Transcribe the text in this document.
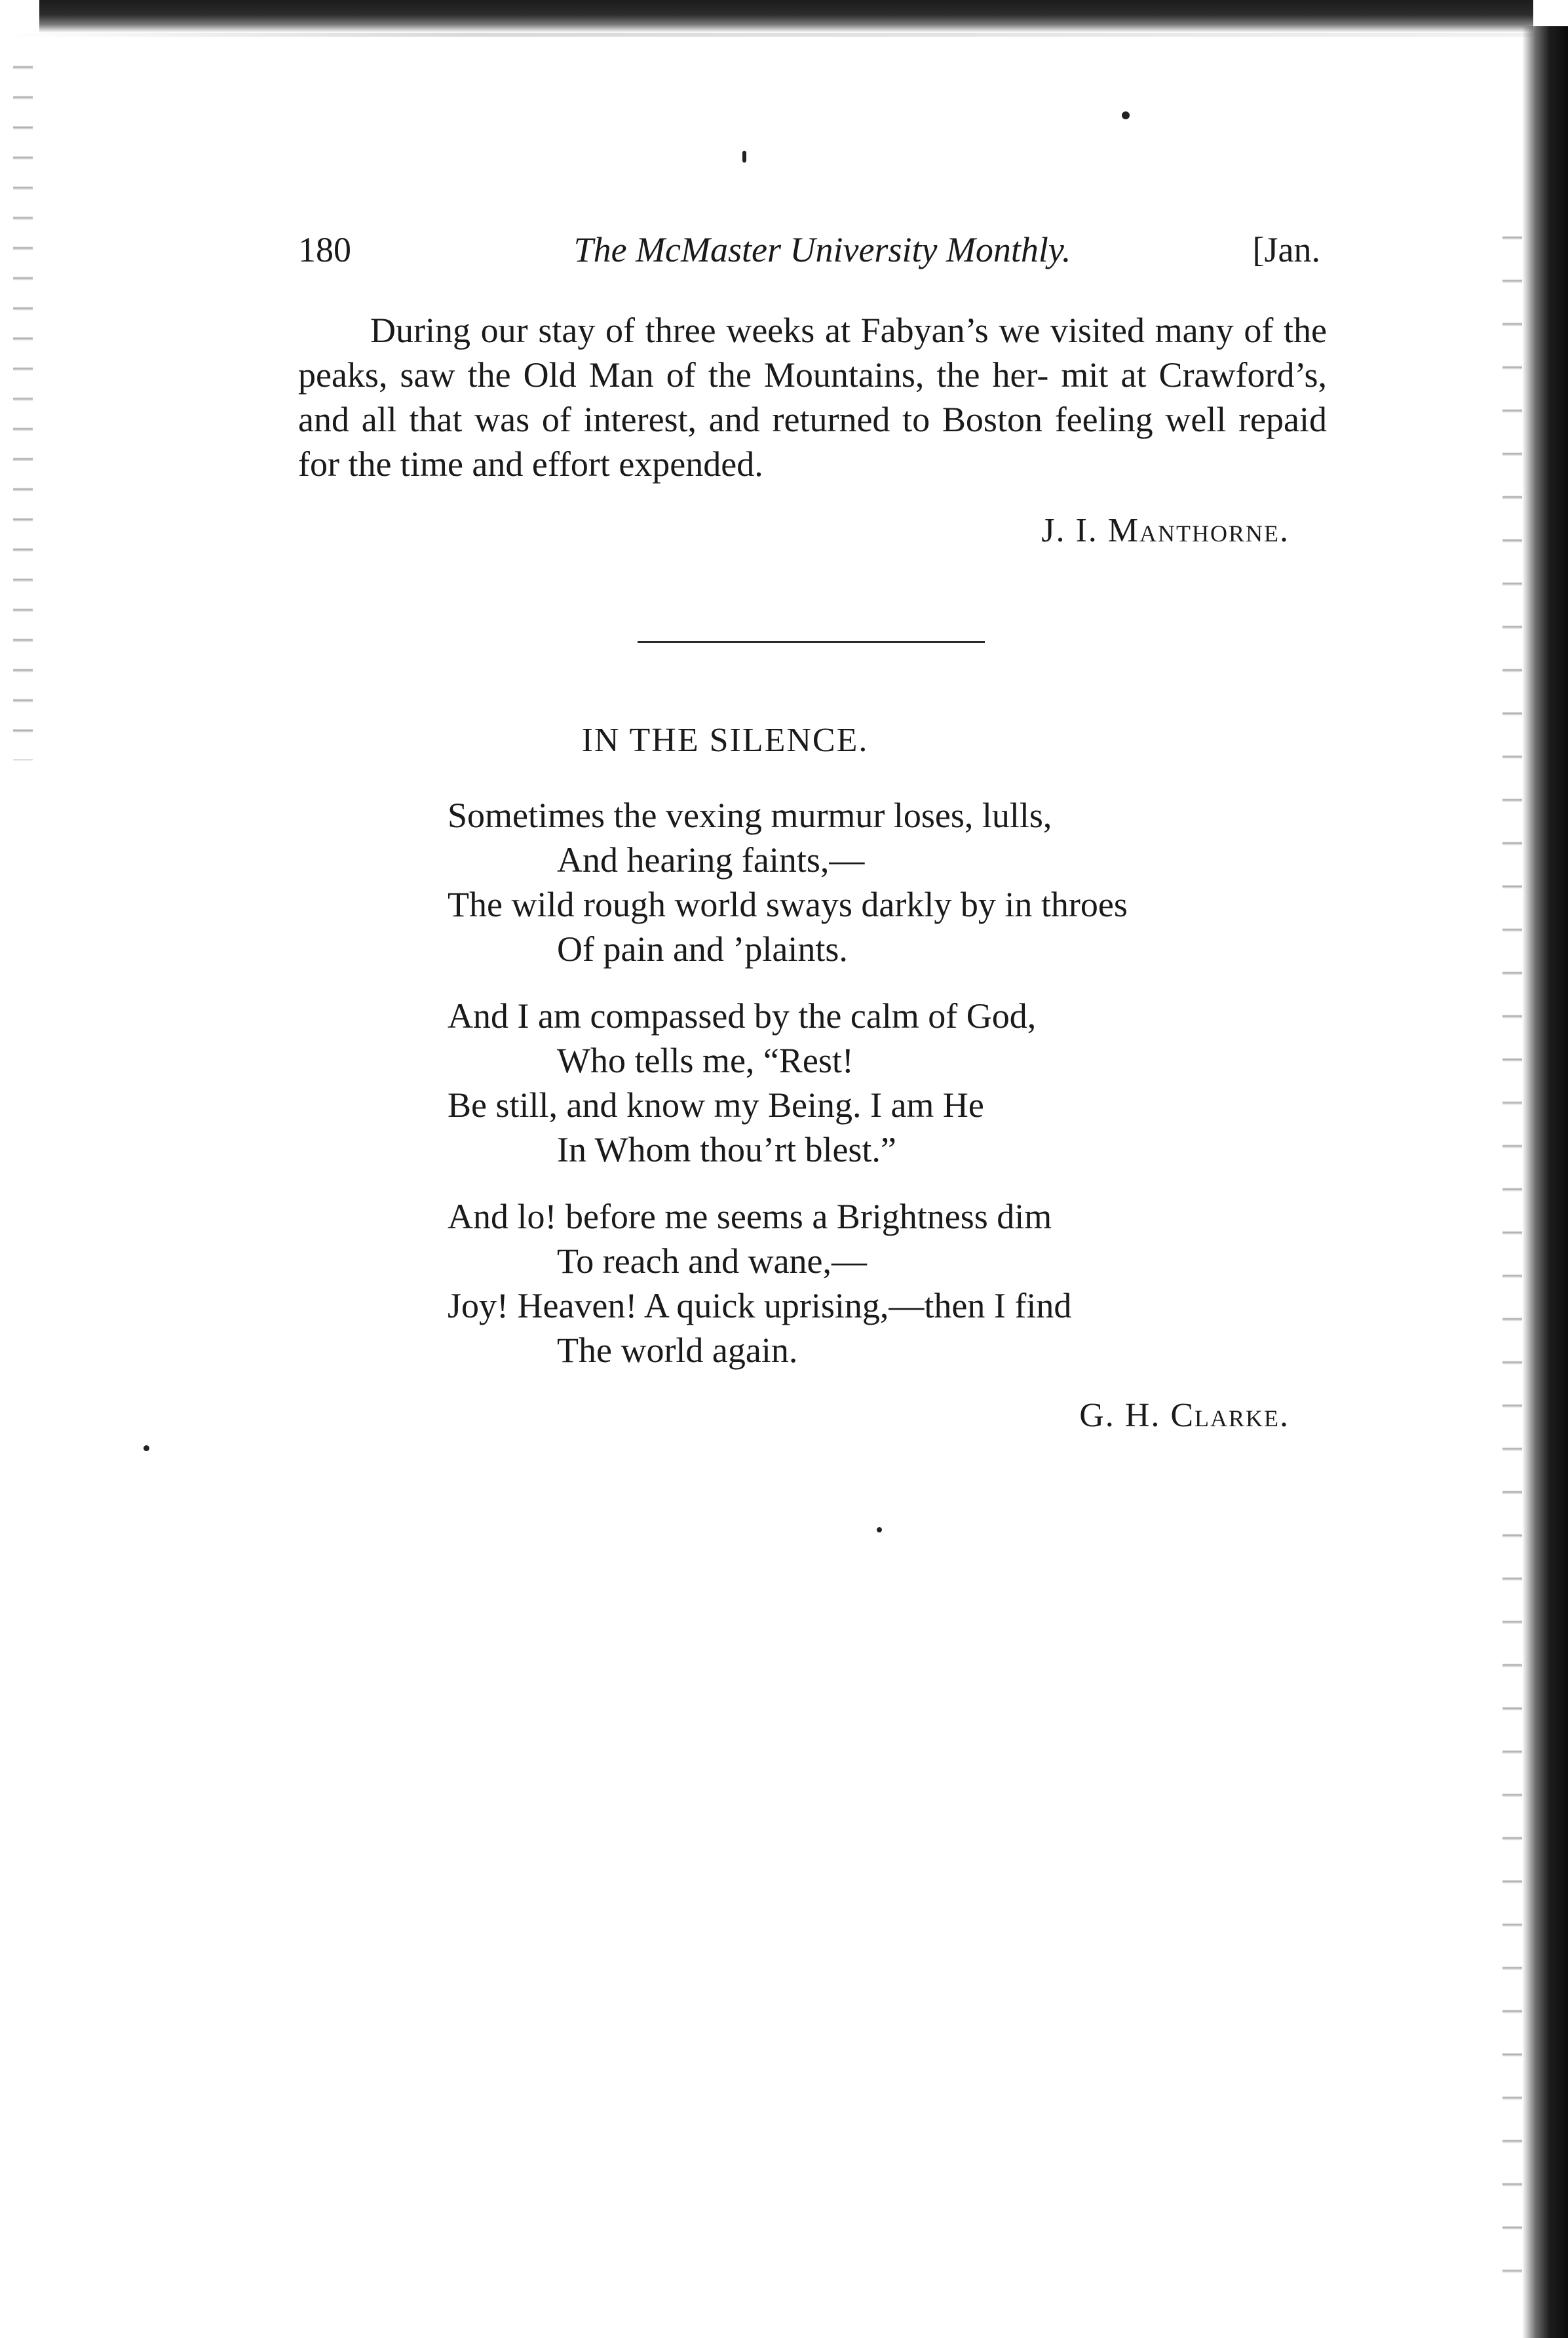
180	The McMaster University Monthly.	[Jan.

During our stay of three weeks at Fabyan’s we visited many of the peaks, saw the Old Man of the Mountains, the her- mit at Crawford’s, and all that was of interest, and returned to Boston feeling well repaid for the time and effort expended.

J. I. Manthorne.
IN THE SILENCE.
Sometimes the vexing murmur loses, lulls,
And hearing faints,—
The wild rough world sways darkly by in throes
Of pain and ’plaints.
And I am compassed by the calm of God,
Who tells me, “Rest!
Be still, and know my Being. I am He
In Whom thou’rt blest.”
And lo! before me seems a Brightness dim
To reach and wane,—
Joy! Heaven! A quick uprising,—then I find
The world again.
G. H. Clarke.
